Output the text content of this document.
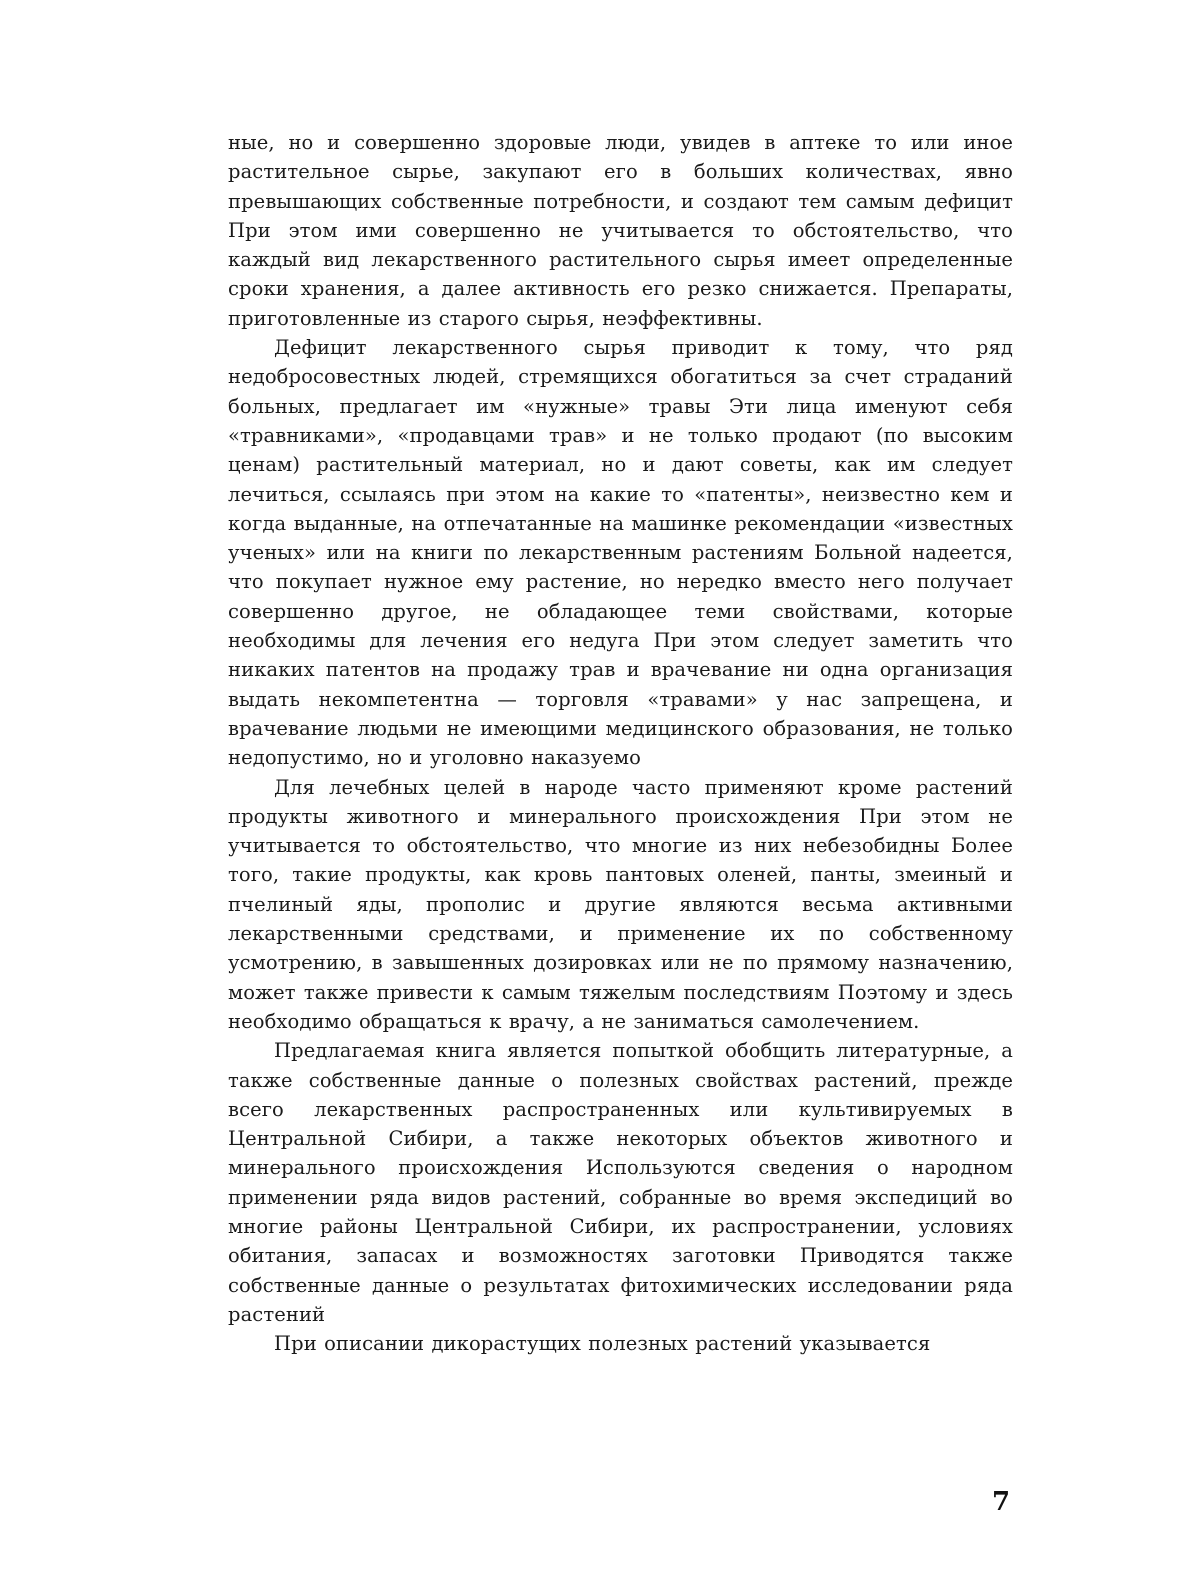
ные, но и совершенно здоровые люди, увидев в аптеке то или иное растительное сырье, закупают его в больших количествах, явно превышающих собственные потребности, и создают тем самым дефицит При этом ими совершенно не учитывается то обстоятельство, что каждый вид лекарственного растительного сырья имеет определенные сроки хранения, а далее активность его резко снижается. Препараты, приготовленные из старого сырья, неэффективны.

Дефицит лекарственного сырья приводит к тому, что ряд недобросовестных людей, стремящихся обогатиться за счет страданий больных, предлагает им «нужные» травы Эти лица именуют себя «травниками», «продавцами трав» и не только продают (по высоким ценам) растительный материал, но и дают советы, как им следует лечиться, ссылаясь при этом на какие то «патенты», неизвестно кем и когда выданные, на отпечатанные на машинке рекомендации «известных ученых» или на книги по лекарственным растениям Больной надеется, что покупает нужное ему растение, но нередко вместо него получает совершенно другое, не обладающее теми свойствами, которые необходимы для лечения его недуга При этом следует заметить что никаких патентов на продажу трав и врачевание ни одна организация выдать некомпетентна — торговля «травами» у нас запрещена, и врачевание людьми не имеющими медицинского образования, не только недопустимо, но и уголовно наказуемо

Для лечебных целей в народе часто применяют кроме растений продукты животного и минерального происхождения При этом не учитывается то обстоятельство, что многие из них небезобидны Более того, такие продукты, как кровь пантовых оленей, панты, змеиный и пчелиный яды, прополис и другие являются весьма активными лекарственными средствами, и применение их по собственному усмотрению, в завышенных дозировках или не по прямому назначению, может также привести к самым тяжелым последствиям Поэтому и здесь необходимо обращаться к врачу, а не заниматься самолечением.

Предлагаемая книга является попыткой обобщить литературные, а также собственные данные о полезных свойствах растений, прежде всего лекарственных распространенных или культивируемых в Центральной Сибири, а также некоторых объектов животного и минерального происхождения Используются сведения о народном применении ряда видов растений, собранные во время экспедиций во многие районы Центральной Сибири, их распространении, условиях обитания, запасах и возможностях заготовки Приводятся также собственные данные о результатах фитохимических исследовании ряда растений

При описании дикорастущих полезных растений указывается

7
